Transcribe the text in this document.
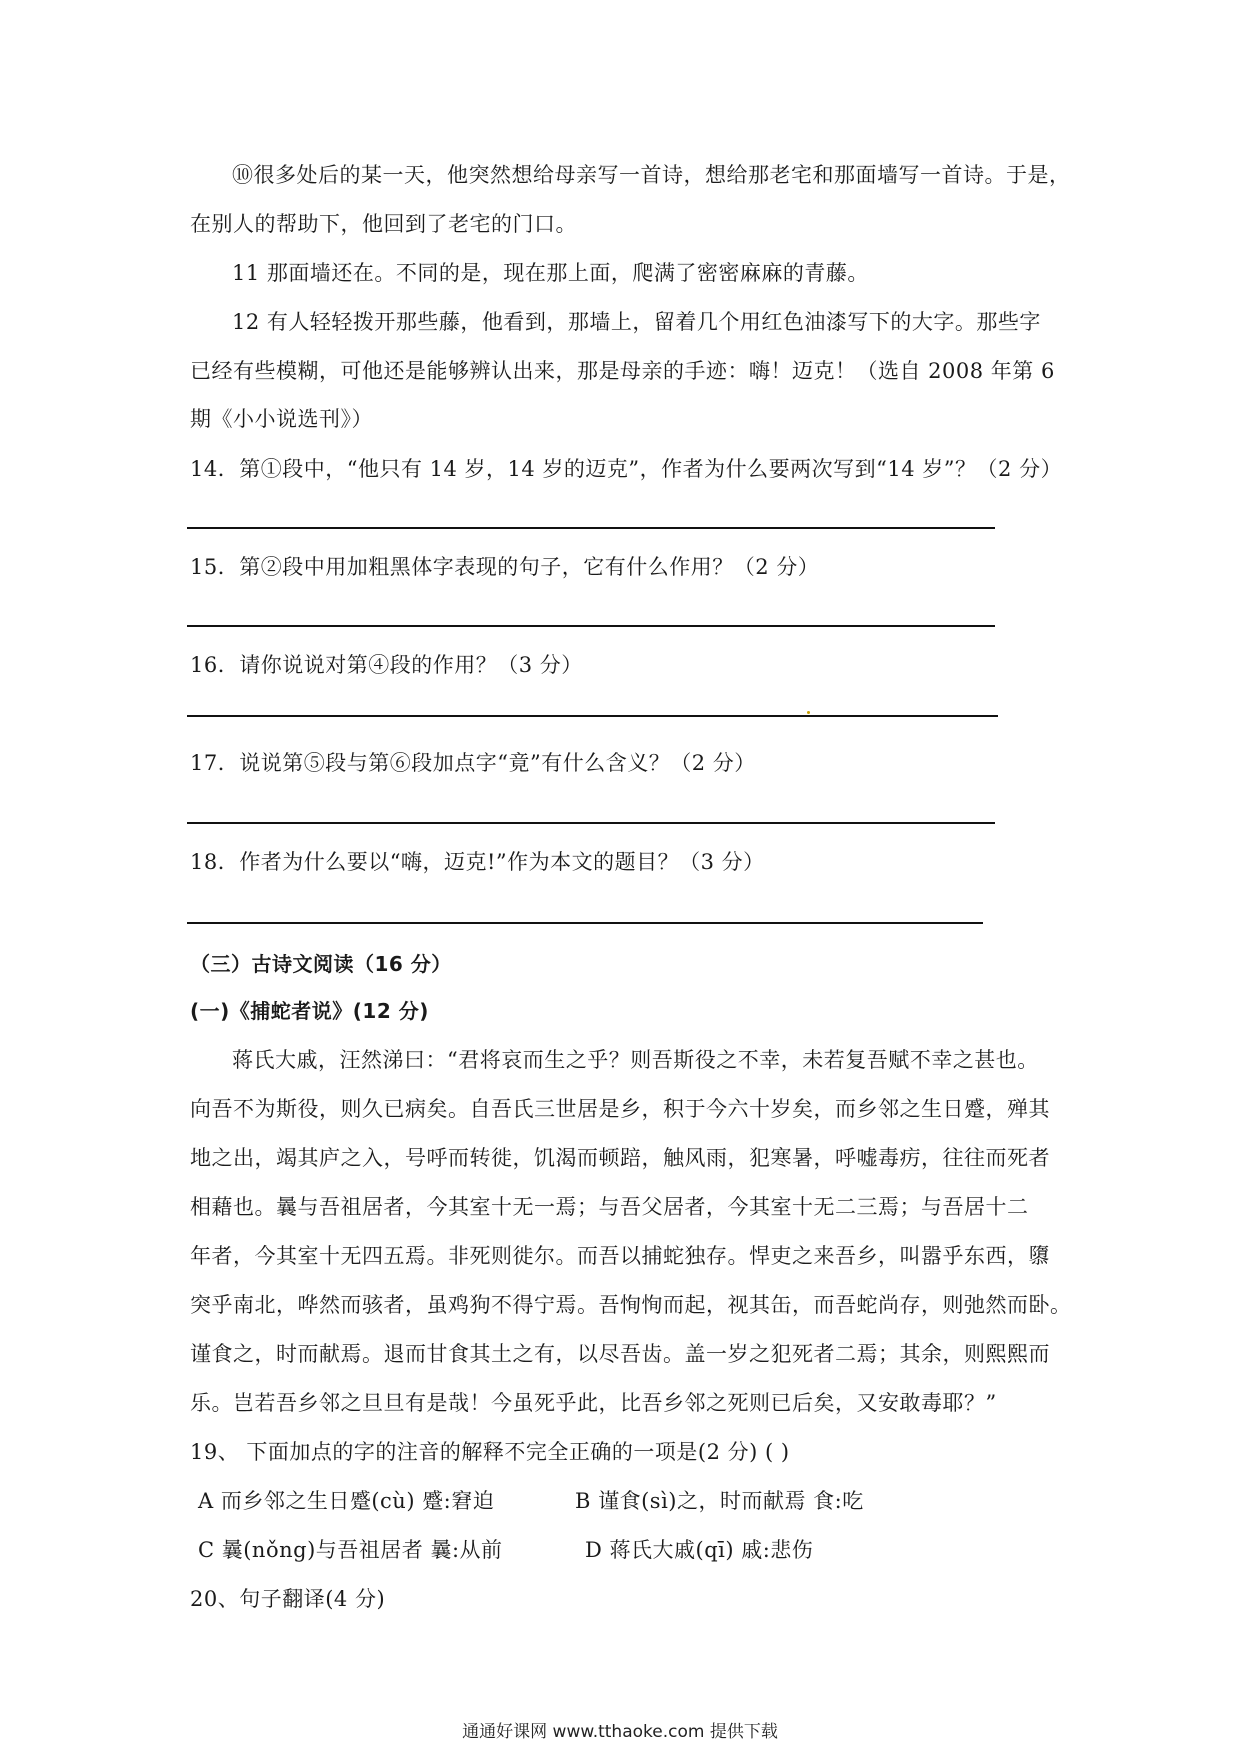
⑩很多处后的某一天，他突然想给母亲写一首诗，想给那老宅和那面墙写一首诗。于是，
在别人的帮助下，他回到了老宅的门口。
11 那面墙还在。不同的是，现在那上面，爬满了密密麻麻的青藤。
12 有人轻轻拨开那些藤，他看到，那墙上，留着几个用红色油漆写下的大字。那些字
已经有些模糊，可他还是能够辨认出来，那是母亲的手迹：嗨！迈克！（选自 2008 年第 6
期《小小说选刊》）
14．第①段中，“他只有 14 岁，14 岁的迈克”，作者为什么要两次写到“14 岁”？（2 分）
15．第②段中用加粗黑体字表现的句子，它有什么作用？（2 分）
16．请你说说对第④段的作用？（3 分）
17．说说第⑤段与第⑥段加点字“竟”有什么含义？（2 分）
18．作者为什么要以“嗨，迈克!”作为本文的题目？（3 分）
（三）古诗文阅读（16 分）
(一)《捕蛇者说》(12 分)
蒋氏大戚，汪然涕曰：“君将哀而生之乎？则吾斯役之不幸，未若复吾赋不幸之甚也。
向吾不为斯役，则久已病矣。自吾氏三世居是乡，积于今六十岁矣，而乡邻之生日蹙，殚其
地之出，竭其庐之入，号呼而转徙，饥渴而顿踣，触风雨，犯寒暑，呼嘘毒疠，往往而死者
相藉也。曩与吾祖居者，今其室十无一焉；与吾父居者，今其室十无二三焉；与吾居十二
年者，今其室十无四五焉。非死则徙尔。而吾以捕蛇独存。悍吏之来吾乡，叫嚣乎东西，隳
突乎南北，哗然而骇者，虽鸡狗不得宁焉。吾恂恂而起，视其缶，而吾蛇尚存，则弛然而卧。
谨食之，时而献焉。退而甘食其土之有，以尽吾齿。盖一岁之犯死者二焉；其余，则熙熙而
乐。岂若吾乡邻之旦旦有是哉！今虽死乎此，比吾乡邻之死则已后矣，又安敢毒耶？”
19、 下面加点的字的注音的解释不完全正确的一项是(2 分) ( )
A 而乡邻之生日蹙(cù) 蹙:窘迫	B 谨食(sì)之，时而献焉 食:吃
C 曩(nǒng)与吾祖居者 曩:从前	D 蒋氏大戚(qī) 戚:悲伤
20、句子翻译(4 分)
通通好课网 www.tthaoke.com 提供下载
